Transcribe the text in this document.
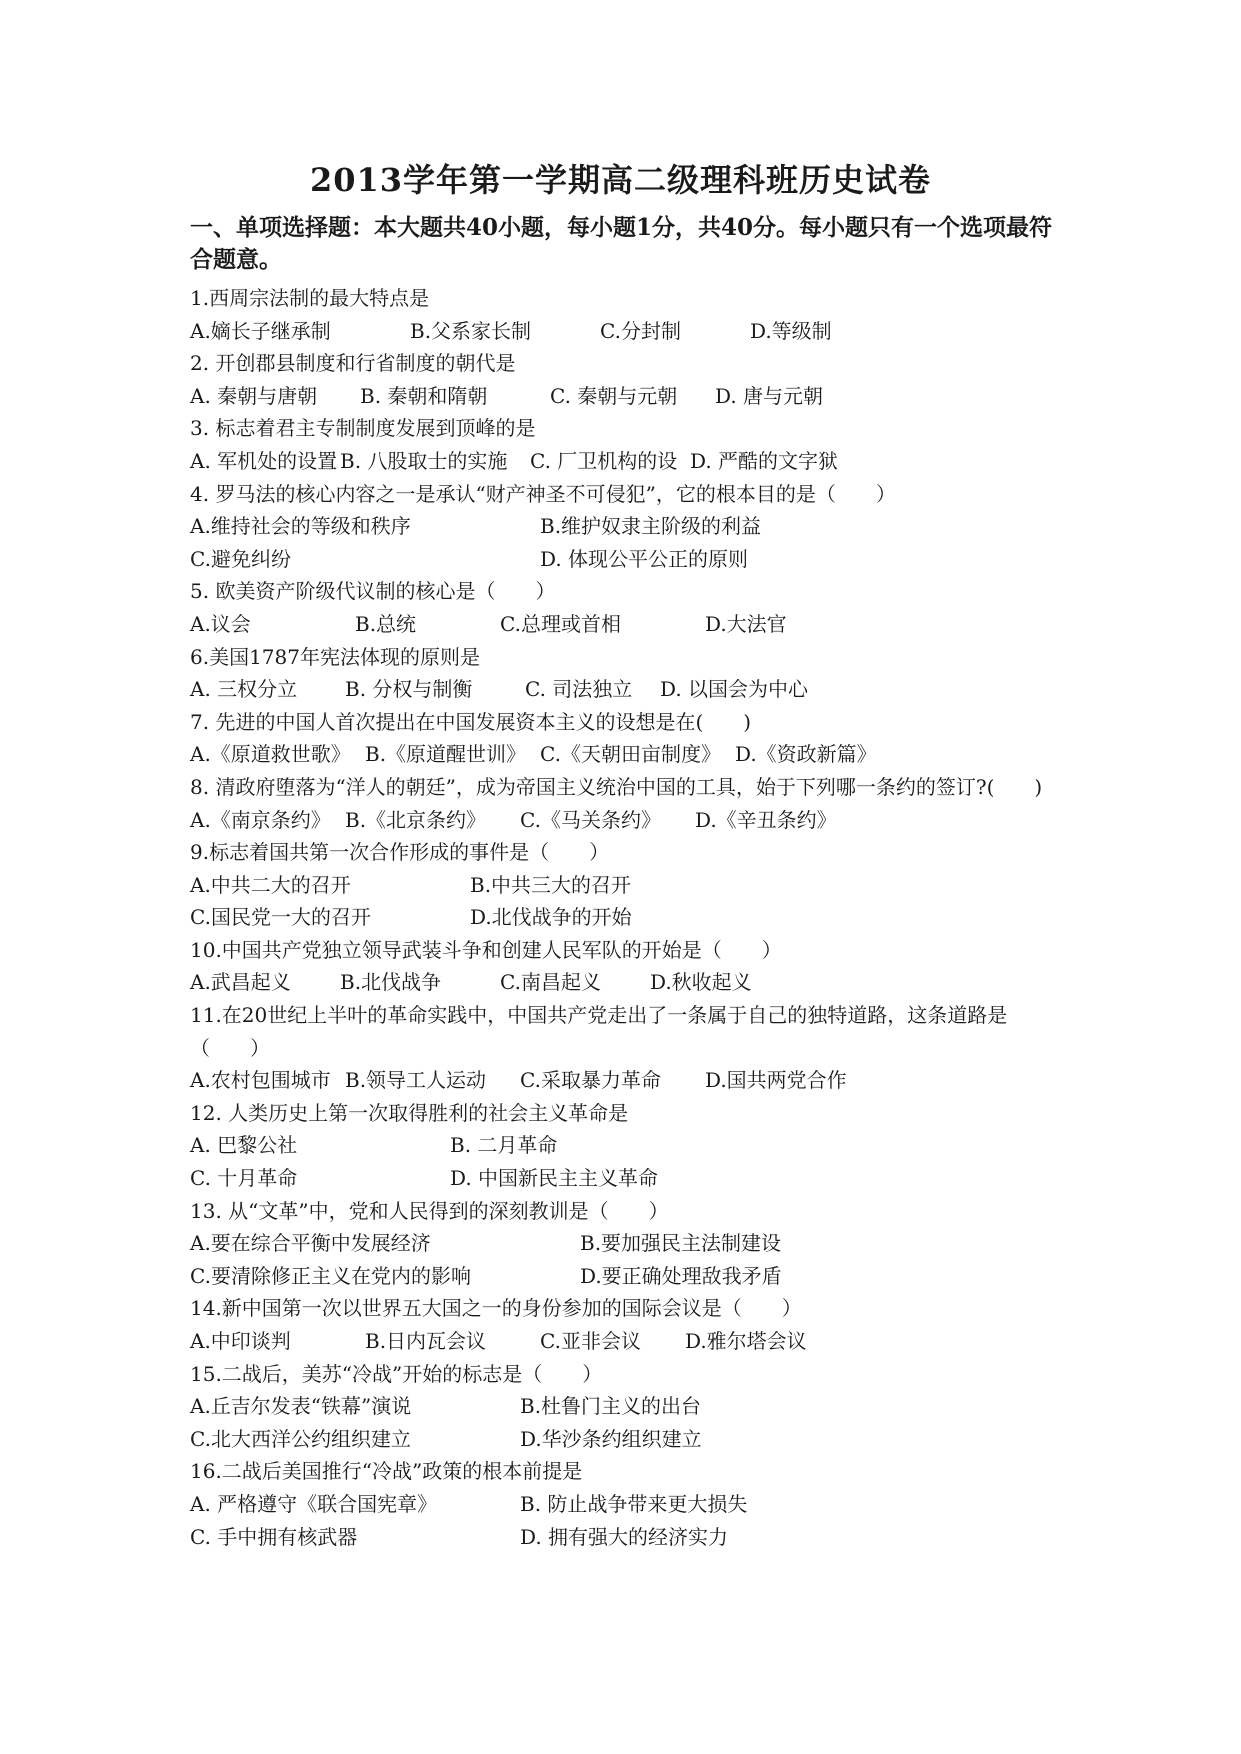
2013学年第一学期高二级理科班历史试卷
一、单项选择题：本大题共40小题，每小题1分，共40分。每小题只有一个选项最符合题意。
1.西周宗法制的最大特点是
A.嫡长子继承制	B.父系家长制	C.分封制	D.等级制
2. 开创郡县制度和行省制度的朝代是
A. 秦朝与唐朝 B. 秦朝和隋朝	C. 秦朝与元朝 D. 唐与元朝
3. 标志着君主专制制度发展到顶峰的是
A. 军机处的设置 B. 八股取士的实施 C. 厂卫机构的设 D. 严酷的文字狱
4. 罗马法的核心内容之一是承认“财产神圣不可侵犯”，它的根本目的是（　　）
A.维持社会的等级和秩序	B.维护奴隶主阶级的利益
C.避免纠纷	D. 体现公平公正的原则
5. 欧美资产阶级代议制的核心是（　　）
A.议会	B.总统	C.总理或首相	D.大法官
6.美国1787年宪法体现的原则是
A. 三权分立 B. 分权与制衡	C. 司法独立 D. 以国会为中心
7. 先进的中国人首次提出在中国发展资本主义的设想是在(　　)
A.《原道救世歌》 B.《原道醒世训》 C.《天朝田亩制度》 D.《资政新篇》
8. 清政府堕落为“洋人的朝廷”，成为帝国主义统治中国的工具，始于下列哪一条约的签订?(　　)
A.《南京条约》 B.《北京条约》 C.《马关条约》 D.《辛丑条约》
9.标志着国共第一次合作形成的事件是（　　）
A.中共二大的召开	B.中共三大的召开
C.国民党一大的召开	D.北伐战争的开始
10.中国共产党独立领导武装斗争和创建人民军队的开始是（　　）
A.武昌起义 B.北伐战争	C.南昌起义 D.秋收起义
11.在20世纪上半叶的革命实践中，中国共产党走出了一条属于自己的独特道路，这条道路是（　　）
A.农村包围城市 B.领导工人运动 C.采取暴力革命 D.国共两党合作
12. 人类历史上第一次取得胜利的社会主义革命是
A. 巴黎公社	B. 二月革命
C. 十月革命	D. 中国新民主主义革命
13. 从“文革”中，党和人民得到的深刻教训是（　　）
A.要在综合平衡中发展经济	B.要加强民主法制建设
C.要清除修正主义在党内的影响	D.要正确处理敌我矛盾
14.新中国第一次以世界五大国之一的身份参加的国际会议是（　　）
A.中印谈判	B.日内瓦会议	C.亚非会议 D.雅尔塔会议
15.二战后，美苏“冷战”开始的标志是（　　）
A.丘吉尔发表“铁幕”演说	B.杜鲁门主义的出台
C.北大西洋公约组织建立	D.华沙条约组织建立
16.二战后美国推行“冷战”政策的根本前提是
A. 严格遵守《联合国宪章》	B. 防止战争带来更大损失
C. 手中拥有核武器	D. 拥有强大的经济实力
